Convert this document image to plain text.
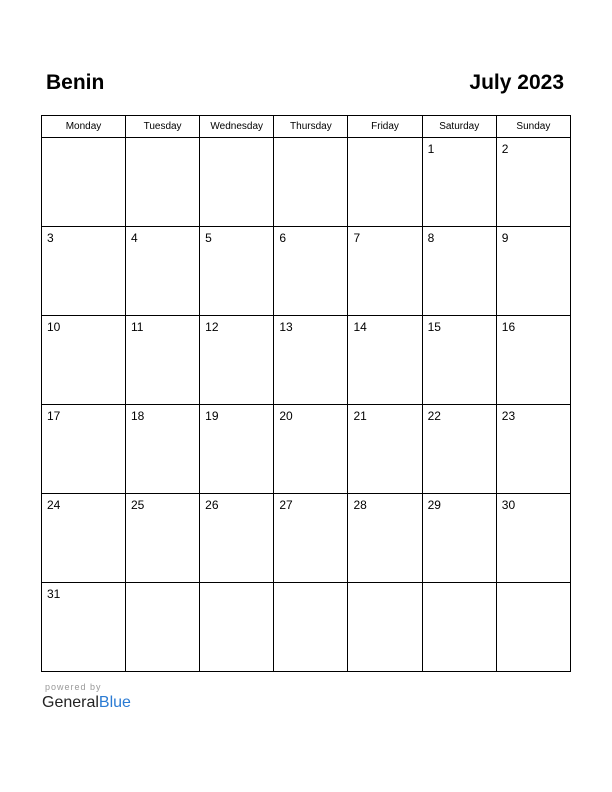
Benin	July 2023
Monday	Tuesday	Wednesday	Thursday	Friday	Saturday	Sunday

					1	2

3	4	5	6	7	8	9

10	11	12	13	14	15	16

17	18	19	20	21	22	23

24	25	26	27	28	29	30

31						

powered by
GeneralBlue
